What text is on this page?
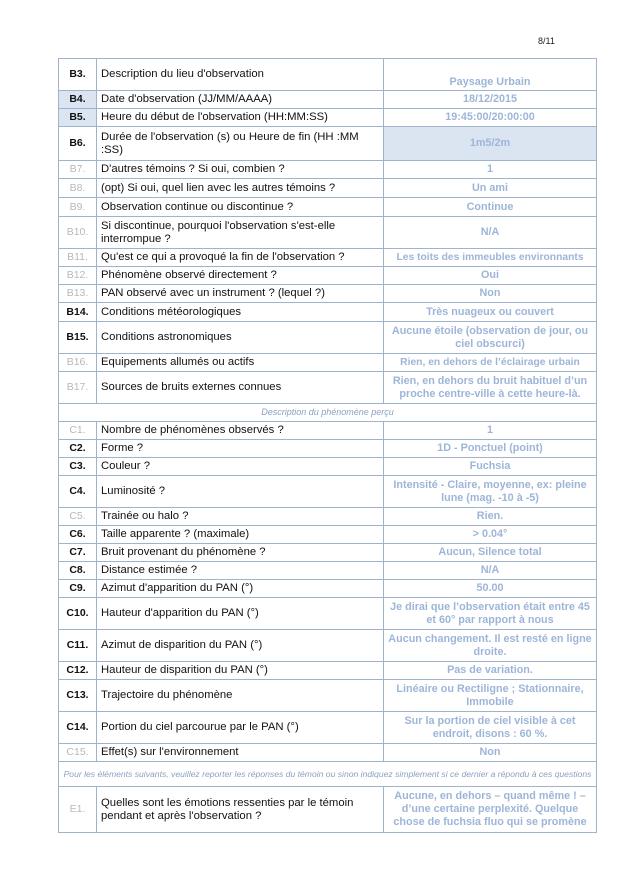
8/11
B3.	Description du lieu d'observation	Paysage Urbain
B4.	Date d'observation (JJ/MM/AAAA)	18/12/2015
B5.	Heure du début de l'observation (HH:MM:SS)	19:45:00/20:00:00
B6.	Durée de l'observation (s) ou Heure de fin (HH :MM :SS)	1m5/2m
B7.	D'autres témoins ? Si oui, combien ?	1
B8.	(opt) Si oui, quel lien avec les autres témoins ?	Un ami
B9.	Observation continue ou discontinue ?	Continue
B10.	Si discontinue, pourquoi l'observation s'est-elle interrompue ?	N/A
B11.	Qu'est ce qui a provoqué la fin de l'observation ?	Les toits des immeubles environnants
B12.	Phénomène observé directement ?	Oui
B13.	PAN observé avec un instrument ? (lequel ?)	Non
B14.	Conditions météorologiques	Très nuageux ou couvert
B15.	Conditions astronomiques	Aucune étoile (observation de jour, ou ciel obscurci)
B16.	Equipements allumés ou actifs	Rien, en dehors de l’éclairage urbain
B17.	Sources de bruits externes connues	Rien, en dehors du bruit habituel d’un proche centre-ville à cette heure-là.
Description du phénomène perçu		
C1.	Nombre de phénomènes observés ?	1
C2.	Forme ?	1D - Ponctuel (point)
C3.	Couleur ?	Fuchsia
C4.	Luminosité ?	Intensité - Claire, moyenne, ex: pleine lune (mag. -10 à -5)
C5.	Trainée ou halo ?	Rien.
C6.	Taille apparente ? (maximale)	> 0.04°
C7.	Bruit provenant du phénomène ?	Aucun, Silence total
C8.	Distance estimée ?	N/A
C9.	Azimut d'apparition du PAN (°)	50.00
C10.	Hauteur d'apparition du PAN (°)	Je dirai que l’observation était entre 45 et 60° par rapport à nous
C11.	Azimut de disparition du PAN (°)	Aucun changement. Il est resté en ligne droite.
C12.	Hauteur de disparition du PAN (°)	Pas de variation.
C13.	Trajectoire du phénomène	Linéaire ou Rectiligne ; Stationnaire, Immobile
C14.	Portion du ciel parcourue par le PAN (°)	Sur la portion de ciel visible à cet endroit, disons : 60 %.
C15.	Effet(s) sur l'environnement	Non
Pour les éléments suivants, veuillez reporter les réponses du témoin ou sinon indiquez simplement si ce dernier a répondu à ces questions		
E1.	Quelles sont les émotions ressenties par le témoin pendant et après l'observation ?	Aucune, en dehors – quand même ! – d’une certaine perplexité. Quelque chose de fuchsia fluo qui se promène
